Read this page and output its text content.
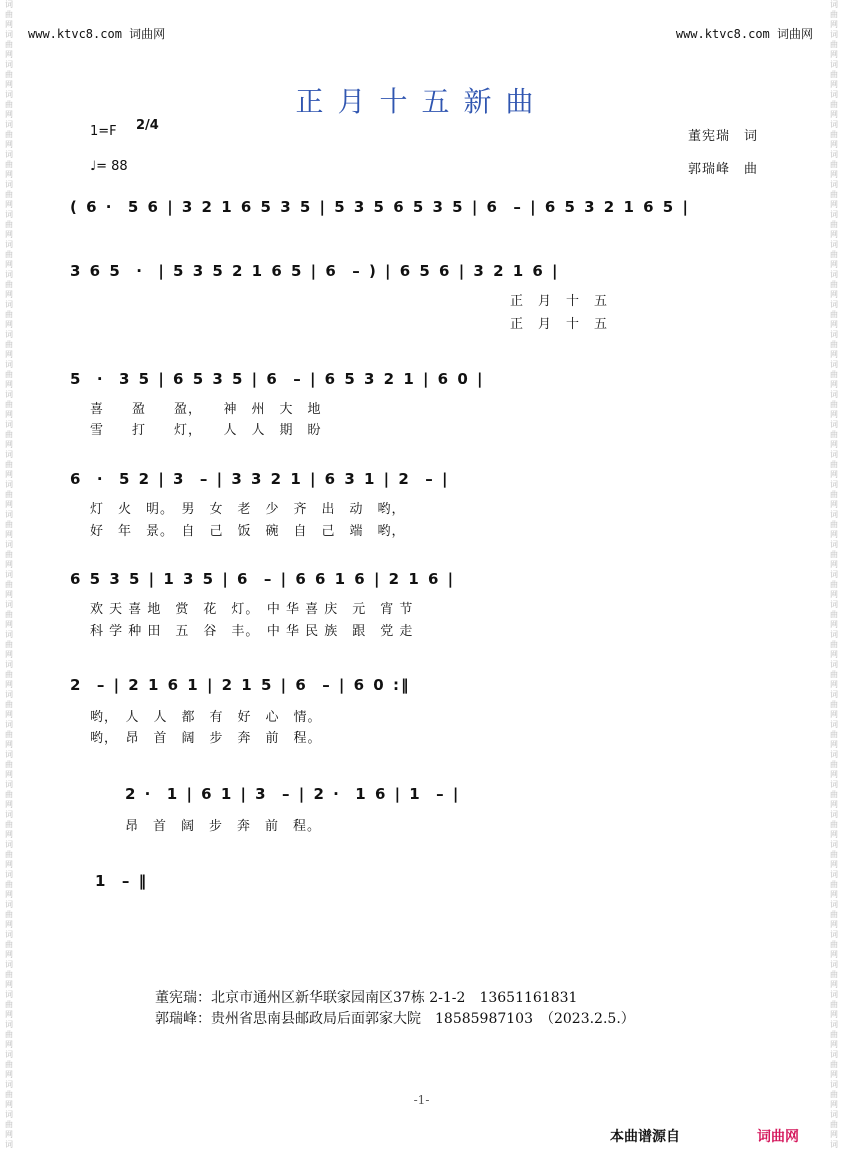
词
曲
网
词
曲
网
词
曲
网
词
曲
网
词
曲
网
词
曲
网
词
曲
网
词
曲
网
词
曲
网
词
曲
网
词
曲
网
词
曲
网
词
曲
网
词
曲
网
词
曲
网
词
曲
网
词
曲
网
词
曲
网
词
曲
网
词
曲
网
词
曲
网
词
曲
网
词
曲
网
词
曲
网
词
曲
网
词
曲
网
词
曲
网
词
曲
网
词
曲
网
词
曲
网
词
曲
网
词
曲
网
词
曲
网
词
曲
网
词
曲
网
词
曲
网
词
曲
网
词
曲
网
词
词
曲
网
词
曲
网
词
曲
网
词
曲
网
词
曲
网
词
曲
网
词
曲
网
词
曲
网
词
曲
网
词
曲
网
词
曲
网
词
曲
网
词
曲
网
词
曲
网
词
曲
网
词
曲
网
词
曲
网
词
曲
网
词
曲
网
词
曲
网
词
曲
网
词
曲
网
词
曲
网
词
曲
网
词
曲
网
词
曲
网
词
曲
网
词
曲
网
词
曲
网
词
曲
网
词
曲
网
词
曲
网
词
曲
网
词
曲
网
词
曲
网
词
曲
网
词
曲
网
词
曲
网
词
www.ktvc8.com 词曲网	www.ktvc8.com 词曲网
正月十五新曲
1=F 2/4
♩= 88
董宪瑞　词
郭瑞峰　曲
( 6 ·  5 6 | 3 2 1 6 5 3 5 | 5 3 5 6 5 3 5 | 6  – | 6 5 3 2 1 6 5 |
3 6 5  ·  | 5 3 5 2 1 6 5 | 6  – ) | 6 5 6 | 3 2 1 6 |
正　月　十　五
正　月　十　五
5  ·  3 5 | 6 5 3 5 | 6  – | 6 5 3 2 1 | 6 0 |
喜　　盈　　盈，　　神　州　大　地
雪　　打　　灯，　　人　人　期　盼
6  ·  5 2 | 3  – | 3 3 2 1 | 6 3 1 | 2  – |
灯　火　明。　男　女　老　少　齐　出　动　哟，
好　年　景。　自　己　饭　碗　自　己　端　哟，
6 5 3 5 | 1 3 5 | 6  – | 6 6 1 6 | 2 1 6 |
欢 天 喜 地　赏　花　灯。　中 华 喜 庆　元　宵 节
科 学 种 田　五　谷　丰。　中 华 民 族　跟　党 走
2  – | 2 1 6 1 | 2 1 5 | 6  – | 6 0 :‖
哟，　人　人　都　有　好　心　情。
哟，　昂　首　阔　步　奔　前　程。
2 ·  1 | 6 1 | 3  – | 2 ·  1 6 | 1  – |
昂　首　阔　步　奔　前　程。
1  – ‖
董宪瑞：北京市通州区新华联家园南区37栋 2-1-2　13651161831
郭瑞峰：贵州省思南县邮政局后面郭家大院　18585987103　（2023.2.5.）
-1-
本曲谱源自	词曲网
